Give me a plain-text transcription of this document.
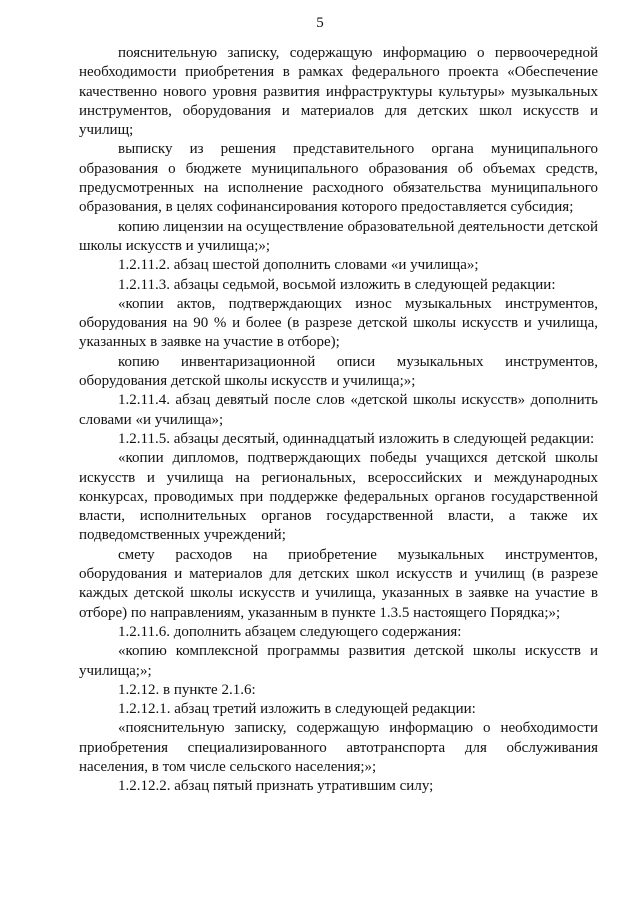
5

пояснительную записку, содержащую информацию о первоочередной необходимости приобретения в рамках федерального проекта «Обеспечение качественно нового уровня развития инфраструктуры культуры» музыкальных инструментов, оборудования и материалов для детских школ искусств и училищ;

выписку из решения представительного органа муниципального образования о бюджете муниципального образования об объемах средств, предусмотренных на исполнение расходного обязательства муниципального образования, в целях софинансирования которого предоставляется субсидия;

копию лицензии на осуществление образовательной деятельности детской школы искусств и училища;»;

1.2.11.2. абзац шестой дополнить словами «и училища»;

1.2.11.3. абзацы седьмой, восьмой изложить в следующей редакции:

«копии актов, подтверждающих износ музыкальных инструментов, оборудования на 90 % и более (в разрезе детской школы искусств и училища, указанных в заявке на участие в отборе);

копию инвентаризационной описи музыкальных инструментов, оборудования детской школы искусств и училища;»;

1.2.11.4. абзац девятый после слов «детской школы искусств» дополнить словами «и училища»;

1.2.11.5. абзацы десятый, одиннадцатый изложить в следующей редакции:

«копии дипломов, подтверждающих победы учащихся детской школы искусств и училища на региональных, всероссийских и международных конкурсах, проводимых при поддержке федеральных органов государственной власти, исполнительных органов государственной власти, а также их подведомственных учреждений;

смету расходов на приобретение музыкальных инструментов, оборудования и материалов для детских школ искусств и училищ (в разрезе каждых детской школы искусств и училища, указанных в заявке на участие в отборе) по направлениям, указанным в пункте 1.3.5 настоящего Порядка;»;

1.2.11.6. дополнить абзацем следующего содержания:

«копию комплексной программы развития детской школы искусств и училища;»;

1.2.12. в пункте 2.1.6:

1.2.12.1. абзац третий изложить в следующей редакции:

«пояснительную записку, содержащую информацию о необходимости приобретения специализированного автотранспорта для обслуживания населения, в том числе сельского населения;»;

1.2.12.2. абзац пятый признать утратившим силу;
